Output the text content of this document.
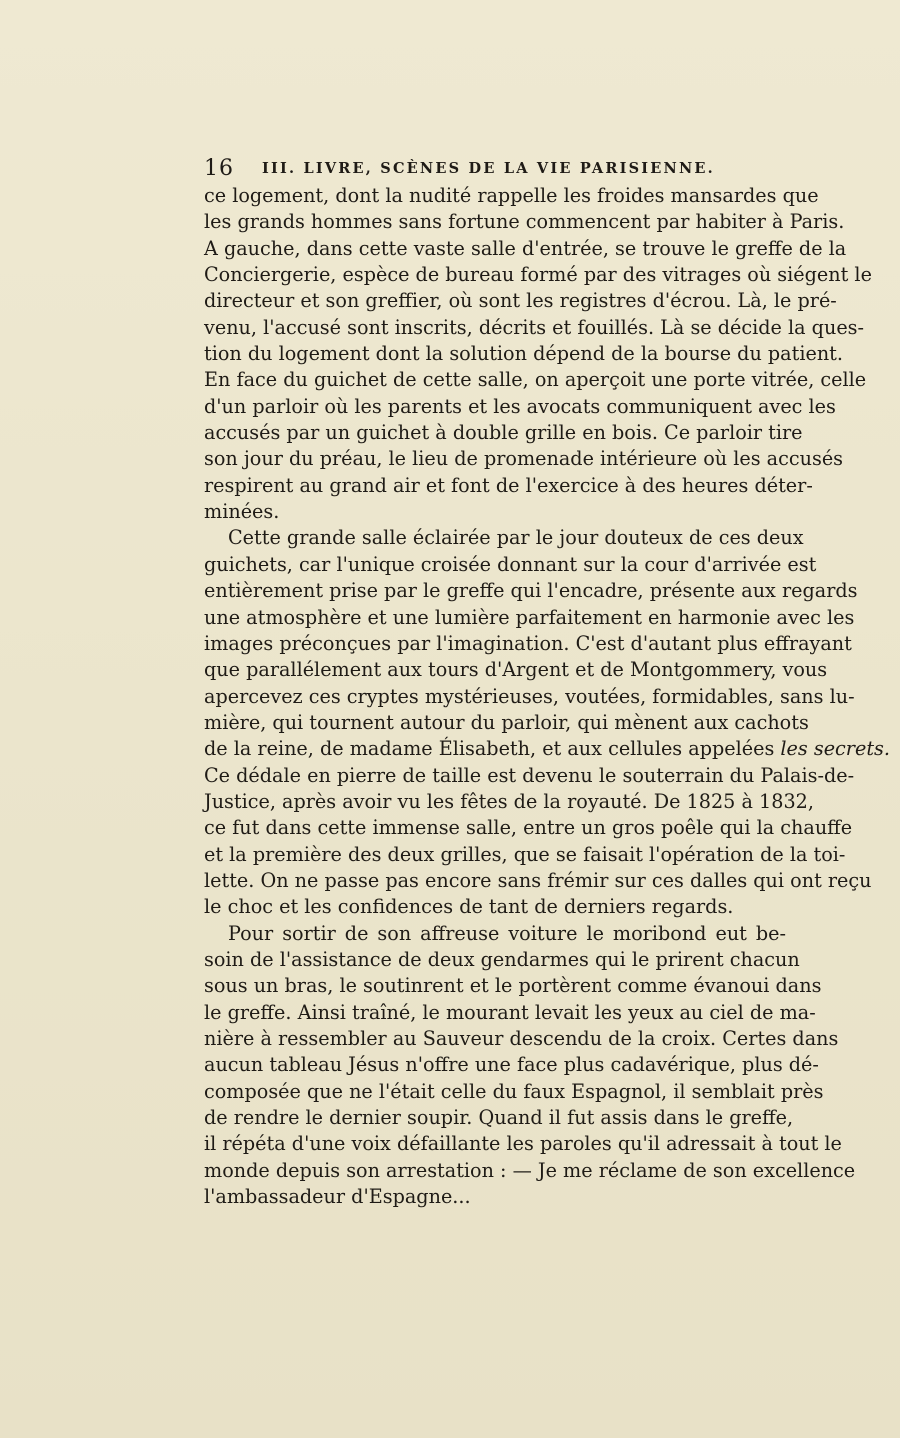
16 III. LIVRE, SCÈNES DE LA VIE PARISIENNE.
ce logement, dont la nudité rappelle les froides mansardes que
les grands hommes sans fortune commencent par habiter à Paris.
A gauche, dans cette vaste salle d'entrée, se trouve le greffe de la
Conciergerie, espèce de bureau formé par des vitrages où siégent le
directeur et son greffier, où sont les registres d'écrou. Là, le pré-
venu, l'accusé sont inscrits, décrits et fouillés. Là se décide la ques-
tion du logement dont la solution dépend de la bourse du patient.
En face du guichet de cette salle, on aperçoit une porte vitrée, celle
d'un parloir où les parents et les avocats communiquent avec les
accusés par un guichet à double grille en bois. Ce parloir tire
son jour du préau, le lieu de promenade intérieure où les accusés
respirent au grand air et font de l'exercice à des heures déter-
minées.
Cette grande salle éclairée par le jour douteux de ces deux
guichets, car l'unique croisée donnant sur la cour d'arrivée est
entièrement prise par le greffe qui l'encadre, présente aux regards
une atmosphère et une lumière parfaitement en harmonie avec les
images préconçues par l'imagination. C'est d'autant plus effrayant
que parallélement aux tours d'Argent et de Montgommery, vous
apercevez ces cryptes mystérieuses, voutées, formidables, sans lu-
mière, qui tournent autour du parloir, qui mènent aux cachots
de la reine, de madame Élisabeth, et aux cellules appelées les secrets.
Ce dédale en pierre de taille est devenu le souterrain du Palais-de-
Justice, après avoir vu les fêtes de la royauté. De 1825 à 1832,
ce fut dans cette immense salle, entre un gros poêle qui la chauffe
et la première des deux grilles, que se faisait l'opération de la toi-
lette. On ne passe pas encore sans frémir sur ces dalles qui ont reçu
le choc et les confidences de tant de derniers regards.
Pour sortir de son affreuse voiture le moribond eut be-
soin de l'assistance de deux gendarmes qui le prirent chacun
sous un bras, le soutinrent et le portèrent comme évanoui dans
le greffe. Ainsi traîné, le mourant levait les yeux au ciel de ma-
nière à ressembler au Sauveur descendu de la croix. Certes dans
aucun tableau Jésus n'offre une face plus cadavérique, plus dé-
composée que ne l'était celle du faux Espagnol, il semblait près
de rendre le dernier soupir. Quand il fut assis dans le greffe,
il répéta d'une voix défaillante les paroles qu'il adressait à tout le
monde depuis son arrestation : — Je me réclame de son excellence
l'ambassadeur d'Espagne...
